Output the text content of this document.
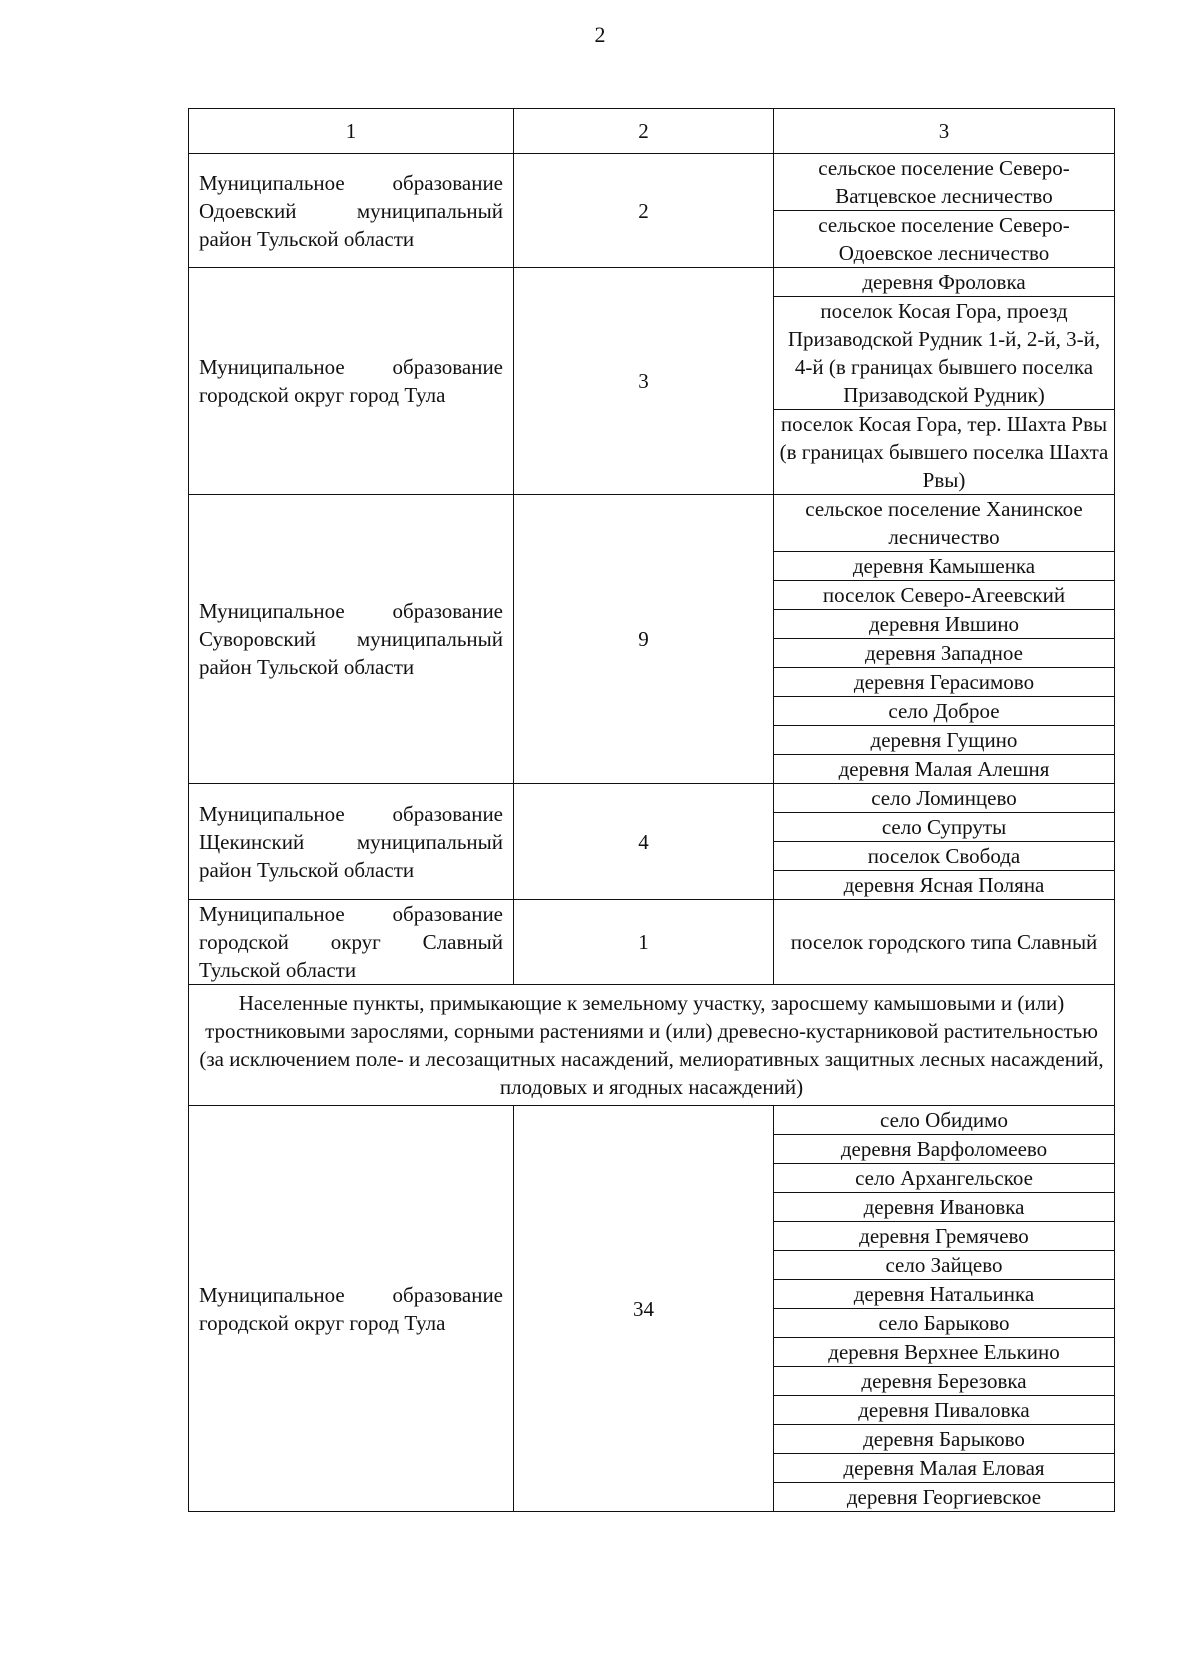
2
1	2	3
Муниципальное образование Одоевский муниципальный район Тульской области	2	сельское поселение Северо-Ватцевское лесничество
		сельское поселение Северо-Одоевское лесничество
Муниципальное образование городской округ город Тула	3	деревня Фроловка
		поселок Косая Гора, проезд Призаводской Рудник 1-й, 2-й, 3-й, 4-й (в границах бывшего поселка Призаводской Рудник)
		поселок Косая Гора, тер. Шахта Рвы (в границах бывшего поселка Шахта Рвы)
Муниципальное образование Суворовский муниципальный район Тульской области	9	сельское поселение Ханинское лесничество
		деревня Камышенка
		поселок Северо-Агеевский
		деревня Ившино
		деревня Западное
		деревня Герасимово
		село Доброе
		деревня Гущино
		деревня Малая Алешня
Муниципальное образование Щекинский муниципальный район Тульской области	4	село Ломинцево
		село Супруты
		поселок Свобода
		деревня Ясная Поляна
Муниципальное образование городской округ Славный Тульской области	1	поселок городского типа Славный
Населенные пункты, примыкающие к земельному участку, заросшему камышовыми и (или) тростниковыми зарослями, сорными растениями и (или) древесно-кустарниковой растительностью (за исключением поле- и лесозащитных насаждений, мелиоративных защитных лесных насаждений, плодовых и ягодных насаждений)		
Муниципальное образование городской округ город Тула	34	село Обидимо
		деревня Варфоломеево
		село Архангельское
		деревня Ивановка
		деревня Гремячево
		село Зайцево
		деревня Натальинка
		село Барыково
		деревня Верхнее Елькино
		деревня Березовка
		деревня Пиваловка
		деревня Барыково
		деревня Малая Еловая
		деревня Георгиевское
